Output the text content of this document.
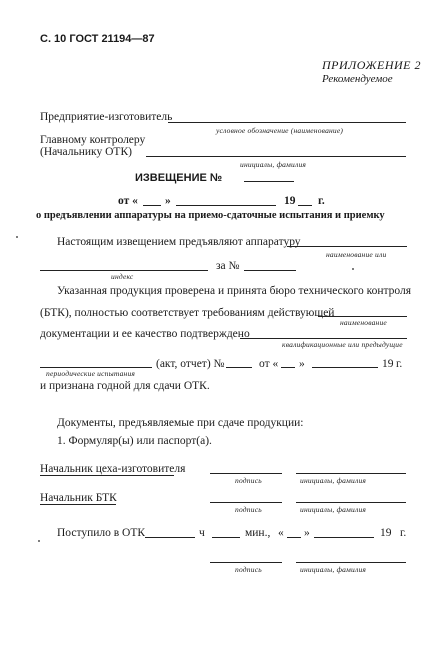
С. 10 ГОСТ 21194—87
ПРИЛОЖЕНИЕ 2
Рекомендуемое
Предприятие-изготовитель
условное обозначение (наименование)
Главному контролеру
(Начальнику ОТК)
инициалы, фамилия
ИЗВЕЩЕНИЕ №
от « »	19 г.
о предъявлении аппаратуры на приемо-сдаточные испытания и приемку
Настоящим извещением предъявляют аппаратуру
наименование или
за №
индекс
Указанная продукция проверена и принята бюро технического контроля
(БТК), полностью соответствует требованиям действующей
наименование
документации и ее качество подтверждено
квалификационные или предыдущие
(акт, отчет) №	от « »	19 г.
периодические испытания
и признана годной для сдачи ОТК.
Документы, предъявляемые при сдаче продукции:
1. Формуляр(ы) или паспорт(а).
Начальник цеха-изготовителя
подпись	инициалы, фамилия
Начальник БТК
подпись	инициалы, фамилия
Поступило в ОТК	ч	мин., « »	19 г.
подпись	инициалы, фамилия
